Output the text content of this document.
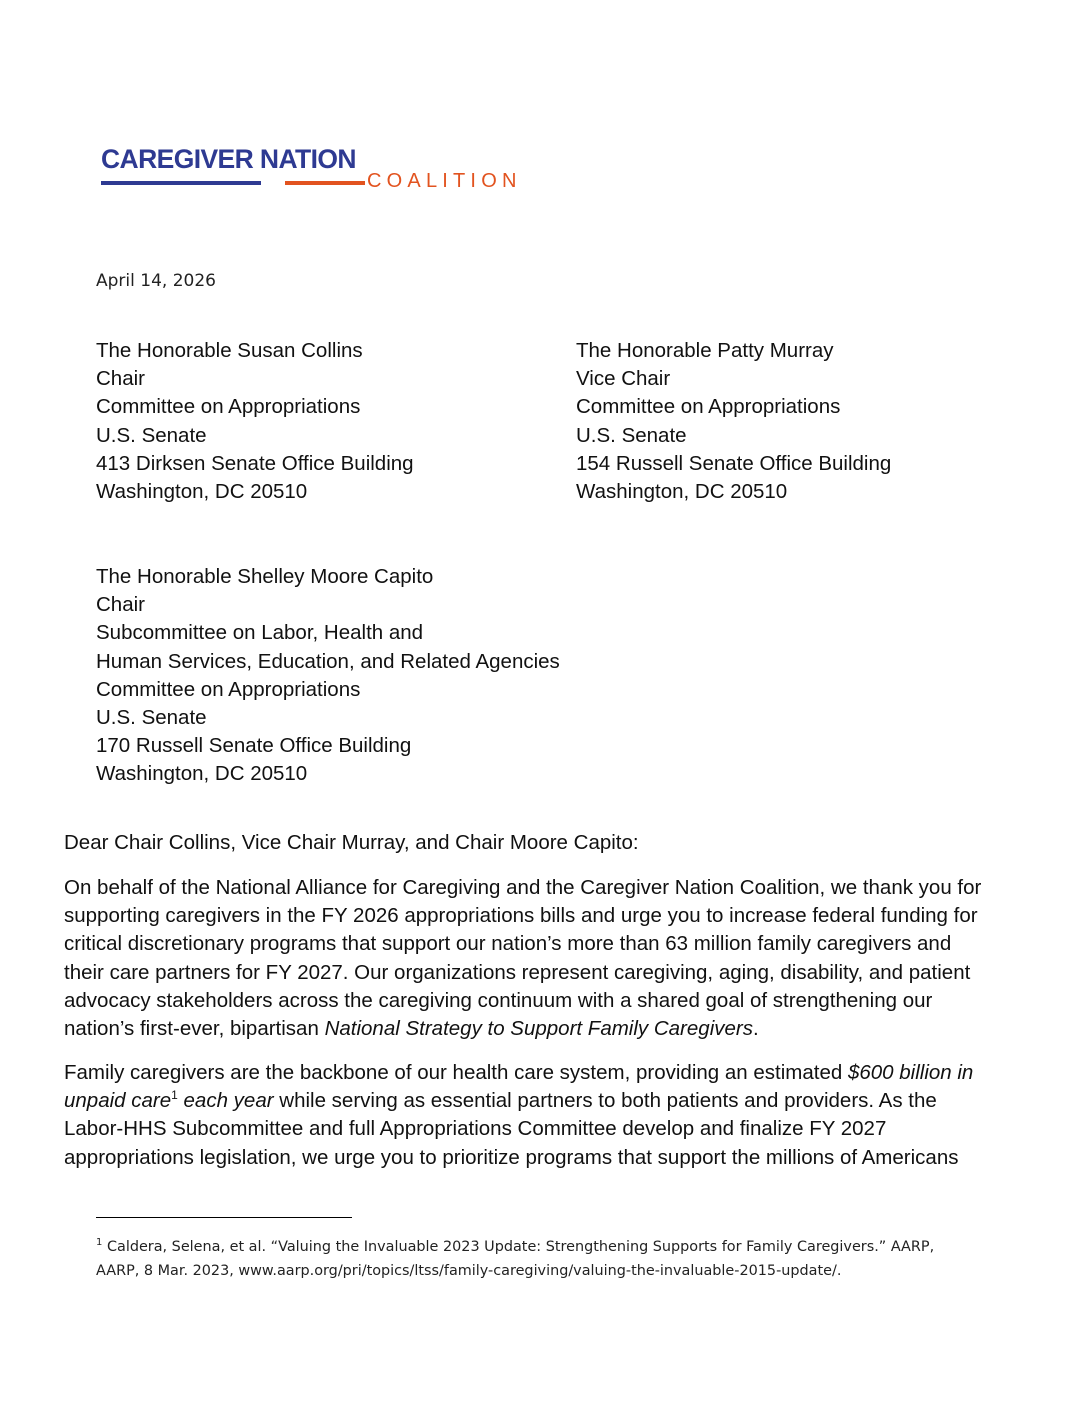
CAREGIVER NATION
COALITION
April 14, 2026
The Honorable Susan Collins
Chair
Committee on Appropriations
U.S. Senate
413 Dirksen Senate Office Building
Washington, DC 20510
The Honorable Patty Murray
Vice Chair
Committee on Appropriations
U.S. Senate
154 Russell Senate Office Building
Washington, DC 20510
The Honorable Shelley Moore Capito
Chair
Subcommittee on Labor, Health and
Human Services, Education, and Related Agencies
Committee on Appropriations
U.S. Senate
170 Russell Senate Office Building
Washington, DC 20510
Dear Chair Collins, Vice Chair Murray, and Chair Moore Capito:
On behalf of the National Alliance for Caregiving and the Caregiver Nation Coalition, we thank you for
supporting caregivers in the FY 2026 appropriations bills and urge you to increase federal funding for
critical discretionary programs that support our nation’s more than 63 million family caregivers and
their care partners for FY 2027. Our organizations represent caregiving, aging, disability, and patient
advocacy stakeholders across the caregiving continuum with a shared goal of strengthening our
nation’s first-ever, bipartisan National Strategy to Support Family Caregivers.
Family caregivers are the backbone of our health care system, providing an estimated $600 billion in
unpaid care$^1$ each year while serving as essential partners to both patients and providers. As the
Labor-HHS Subcommittee and full Appropriations Committee develop and finalize FY 2027
appropriations legislation, we urge you to prioritize programs that support the millions of Americans
$^1$ Caldera, Selena, et al. “Valuing the Invaluable 2023 Update: Strengthening Supports for Family Caregivers.” AARP,
AARP, 8 Mar. 2023, www.aarp.org/pri/topics/ltss/family-caregiving/valuing-the-invaluable-2015-update/.
